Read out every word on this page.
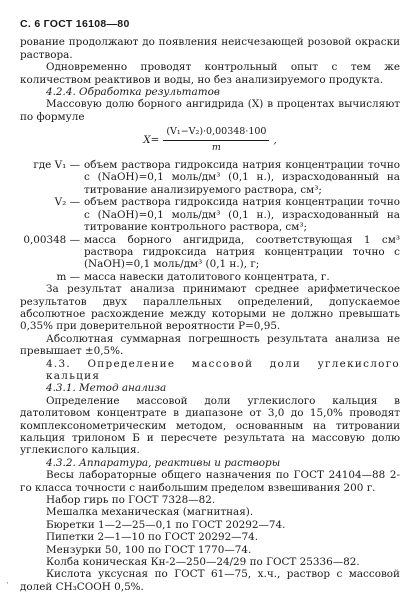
С. 6 ГОСТ 16108—80

рование продолжают до появления неисчезающей розовой окраски раствора.

Одновременно проводят контрольный опыт с тем же количеством реактивов и воды, но без анализируемого продукта.

4.2.4. Обработка результатов

Массовую долю борного ангидрида (X) в процентах вычисляют по формуле

$X= \frac{\text{(V₁−V₂)·0,00348·100}}{m}$ ,
где V₁ — объем раствора гидроксида натрия концентрации точно c (NaOH)=0,1 моль/дм³ (0,1 н.), израсходованный на титрование анализируемого раствора, см³;
V₂ — объем раствора гидроксида натрия концентрации точно c (NaOH)=0,1 моль/дм³ (0,1 н.), израсходованный на титрование контрольного раствора, см³;
0,00348 — масса борного ангидрида, соответствующая 1 см³ раствора гидроксида натрия концентрации точно c (NaOH)=0,1 моль/дм³ (0,1 н.), г;
m — масса навески датолитового концентрата, г.

За результат анализа принимают среднее арифметическое результатов двух параллельных определений, допускаемое абсолютное расхождение между которыми не должно превышать 0,35% при доверительной вероятности P=0,95.

Абсолютная суммарная погрешность результата анализа не превышает ±0,5%.

4.3. Определение массовой доли углекислого кальция

4.3.1. Метод анализа

Определение массовой доли углекислого кальция в датолитовом концентрате в диапазоне от 3,0 до 15,0% проводят комплексонометрическим методом, основанным на титровании кальция трилоном Б и пересчете результата на массовую долю углекислого кальция.

4.3.2. Аппаратура, реактивы и растворы

Весы лабораторные общего назначения по ГОСТ 24104—88 2-го класса точности с наибольшим пределом взвешивания 200 г.

Набор гирь по ГОСТ 7328—82.

Мешалка механическая (магнитная).

Бюретки 1—2—25—0,1 по ГОСТ 20292—74.

Пипетки 2—1—10 по ГОСТ 20292—74.

Мензурки 50, 100 по ГОСТ 1770—74.

Колба коническая Кн-2—250—24/29 по ГОСТ 25336—82.

Кислота уксусная по ГОСТ 61—75, х.ч., раствор с массовой долей CH₃COOH 0,5%.

·
